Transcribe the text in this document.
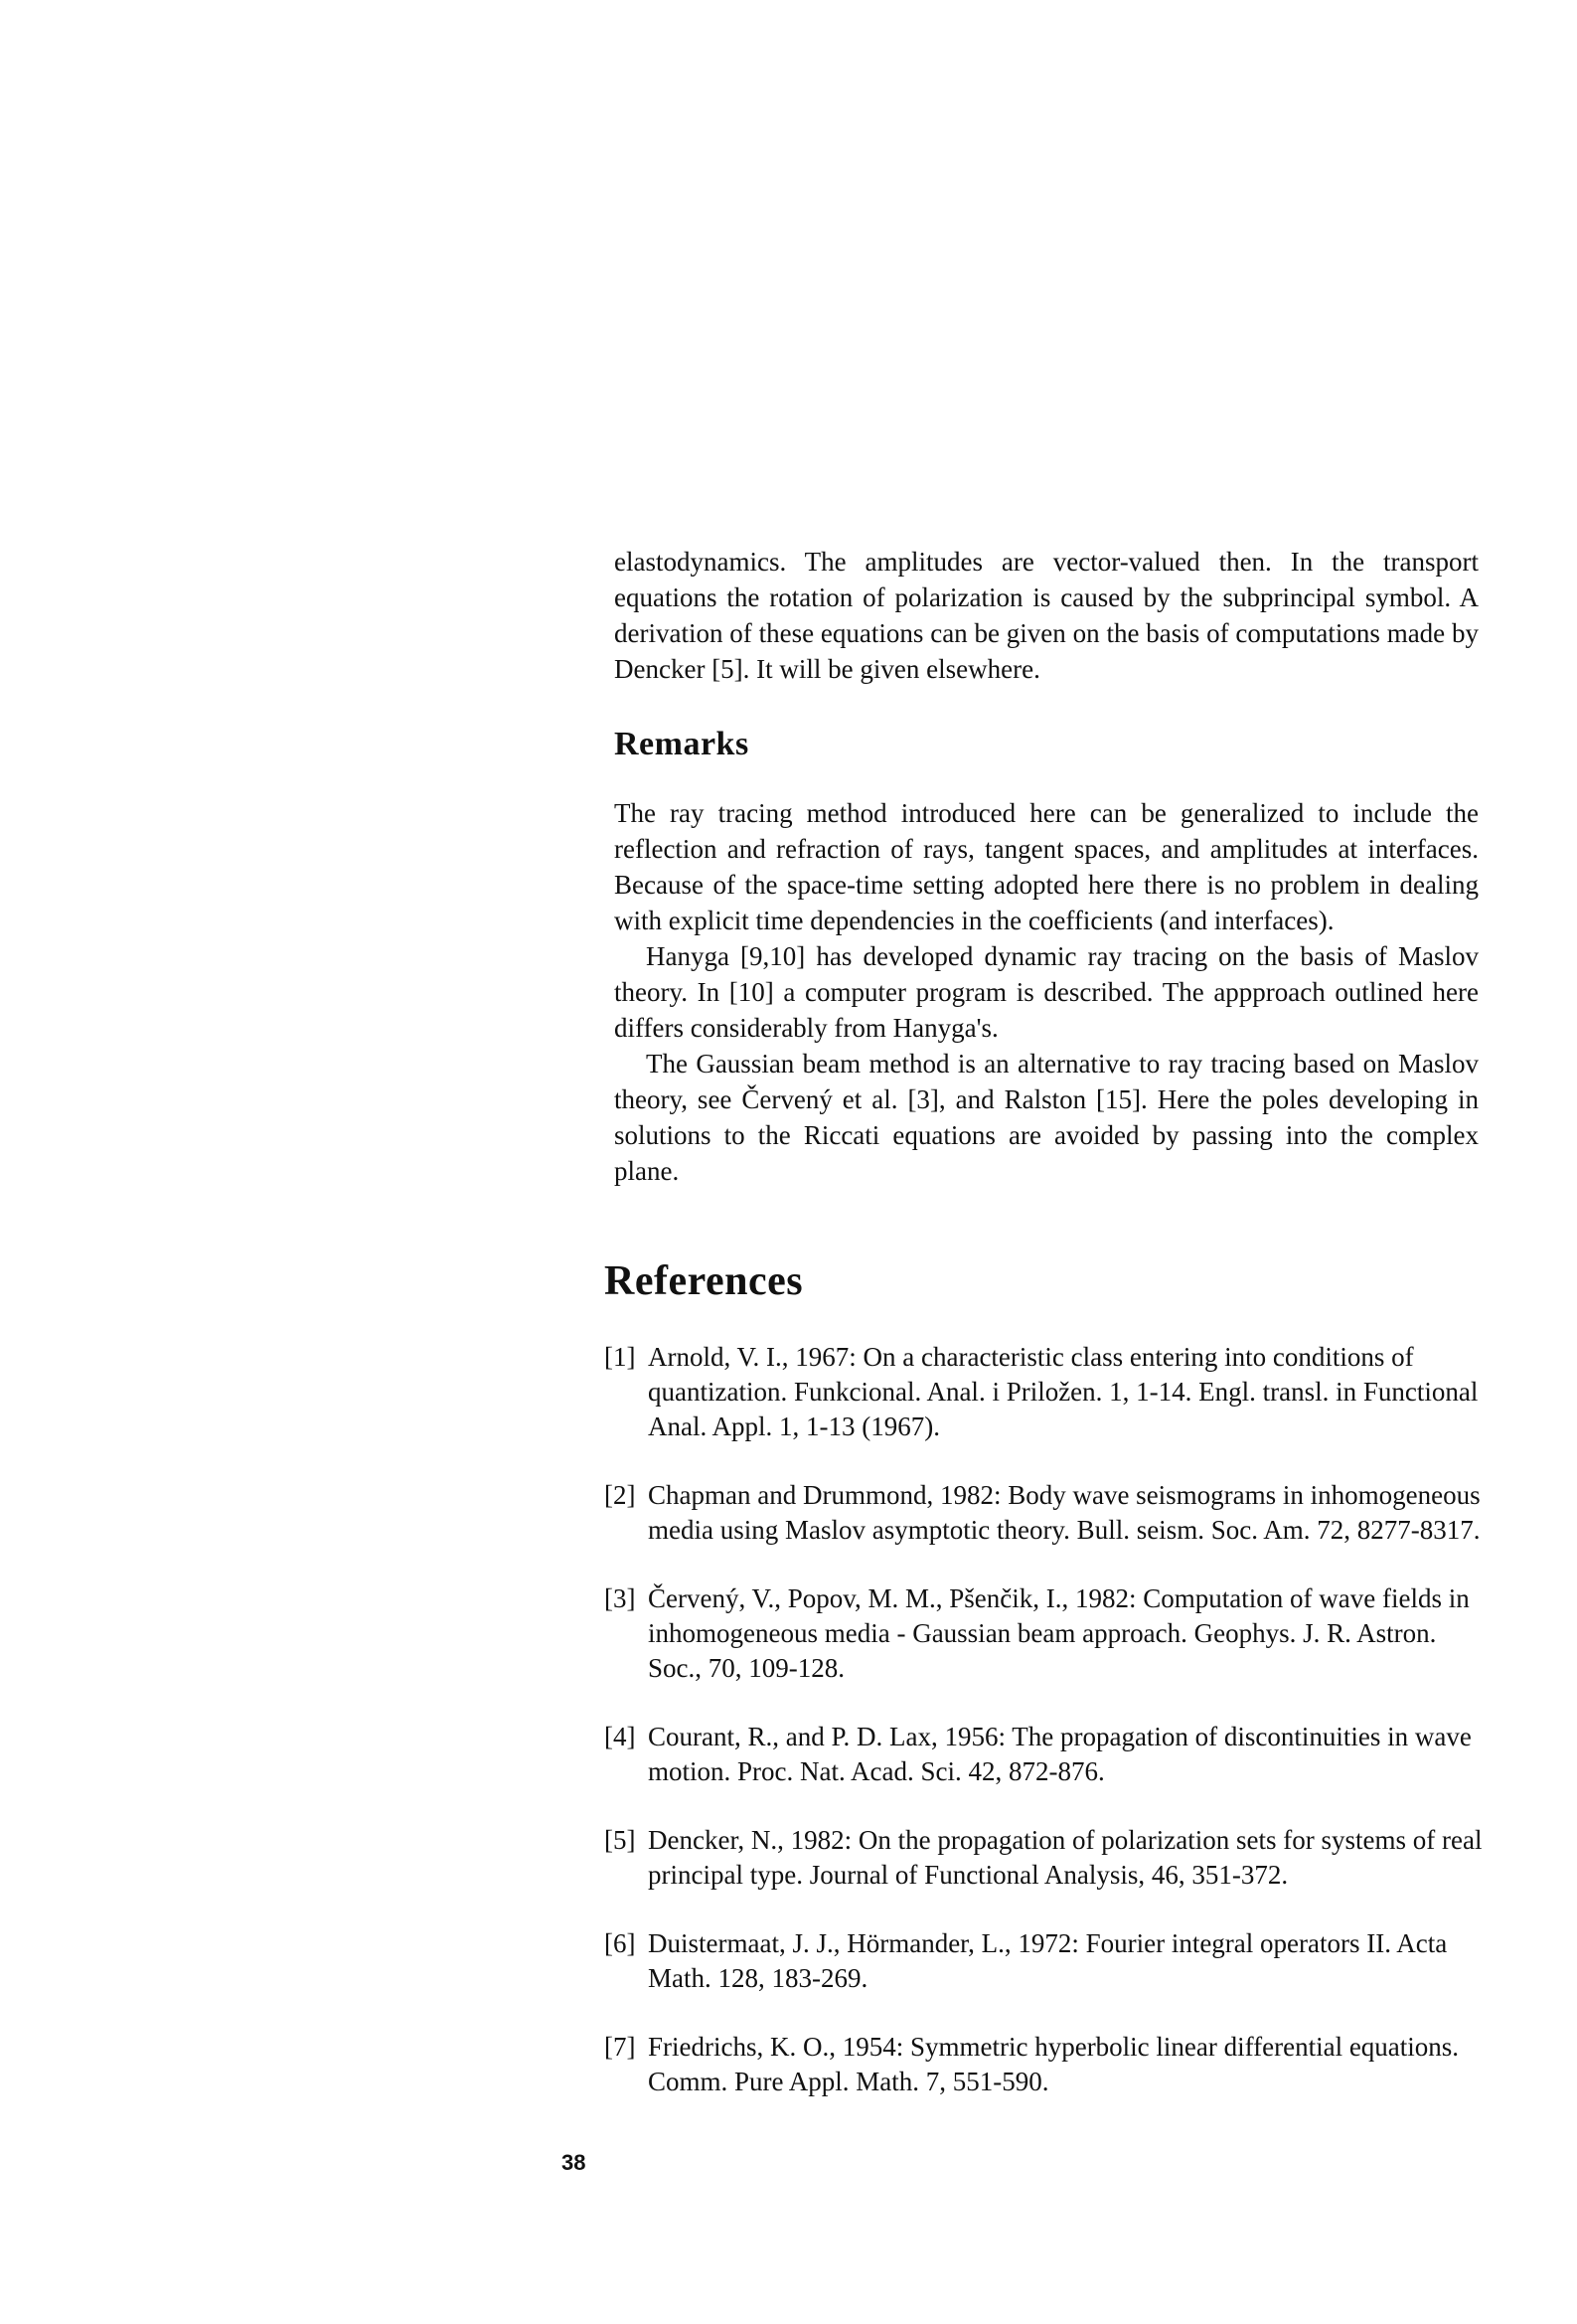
elastodynamics. The amplitudes are vector-valued then. In the transport equations the rotation of polarization is caused by the subprincipal symbol. A derivation of these equations can be given on the basis of computations made by Dencker [5]. It will be given elsewhere.

Remarks

The ray tracing method introduced here can be generalized to include the reflection and refraction of rays, tangent spaces, and amplitudes at interfaces. Because of the space-time setting adopted here there is no problem in dealing with explicit time dependencies in the coefficients (and interfaces).

Hanyga [9,10] has developed dynamic ray tracing on the basis of Maslov theory. In [10] a computer program is described. The appproach outlined here differs considerably from Hanyga's.

The Gaussian beam method is an alternative to ray tracing based on Maslov theory, see Červený et al. [3], and Ralston [15]. Here the poles developing in solutions to the Riccati equations are avoided by passing into the complex plane.

References
[1] Arnold, V. I., 1967: On a characteristic class entering into conditions of quantization. Funkcional. Anal. i Priložen. 1, 1-14. Engl. transl. in Functional Anal. Appl. 1, 1-13 (1967).
[2] Chapman and Drummond, 1982: Body wave seismograms in inhomogeneous media using Maslov asymptotic theory. Bull. seism. Soc. Am. 72, 8277-8317.
[3] Červený, V., Popov, M. M., Pšenčik, I., 1982: Computation of wave fields in inhomogeneous media - Gaussian beam approach. Geophys. J. R. Astron. Soc., 70, 109-128.
[4] Courant, R., and P. D. Lax, 1956: The propagation of discontinuities in wave motion. Proc. Nat. Acad. Sci. 42, 872-876.
[5] Dencker, N., 1982: On the propagation of polarization sets for systems of real principal type. Journal of Functional Analysis, 46, 351-372.
[6] Duistermaat, J. J., Hörmander, L., 1972: Fourier integral operators II. Acta Math. 128, 183-269.
[7] Friedrichs, K. O., 1954: Symmetric hyperbolic linear differential equations. Comm. Pure Appl. Math. 7, 551-590.

38
